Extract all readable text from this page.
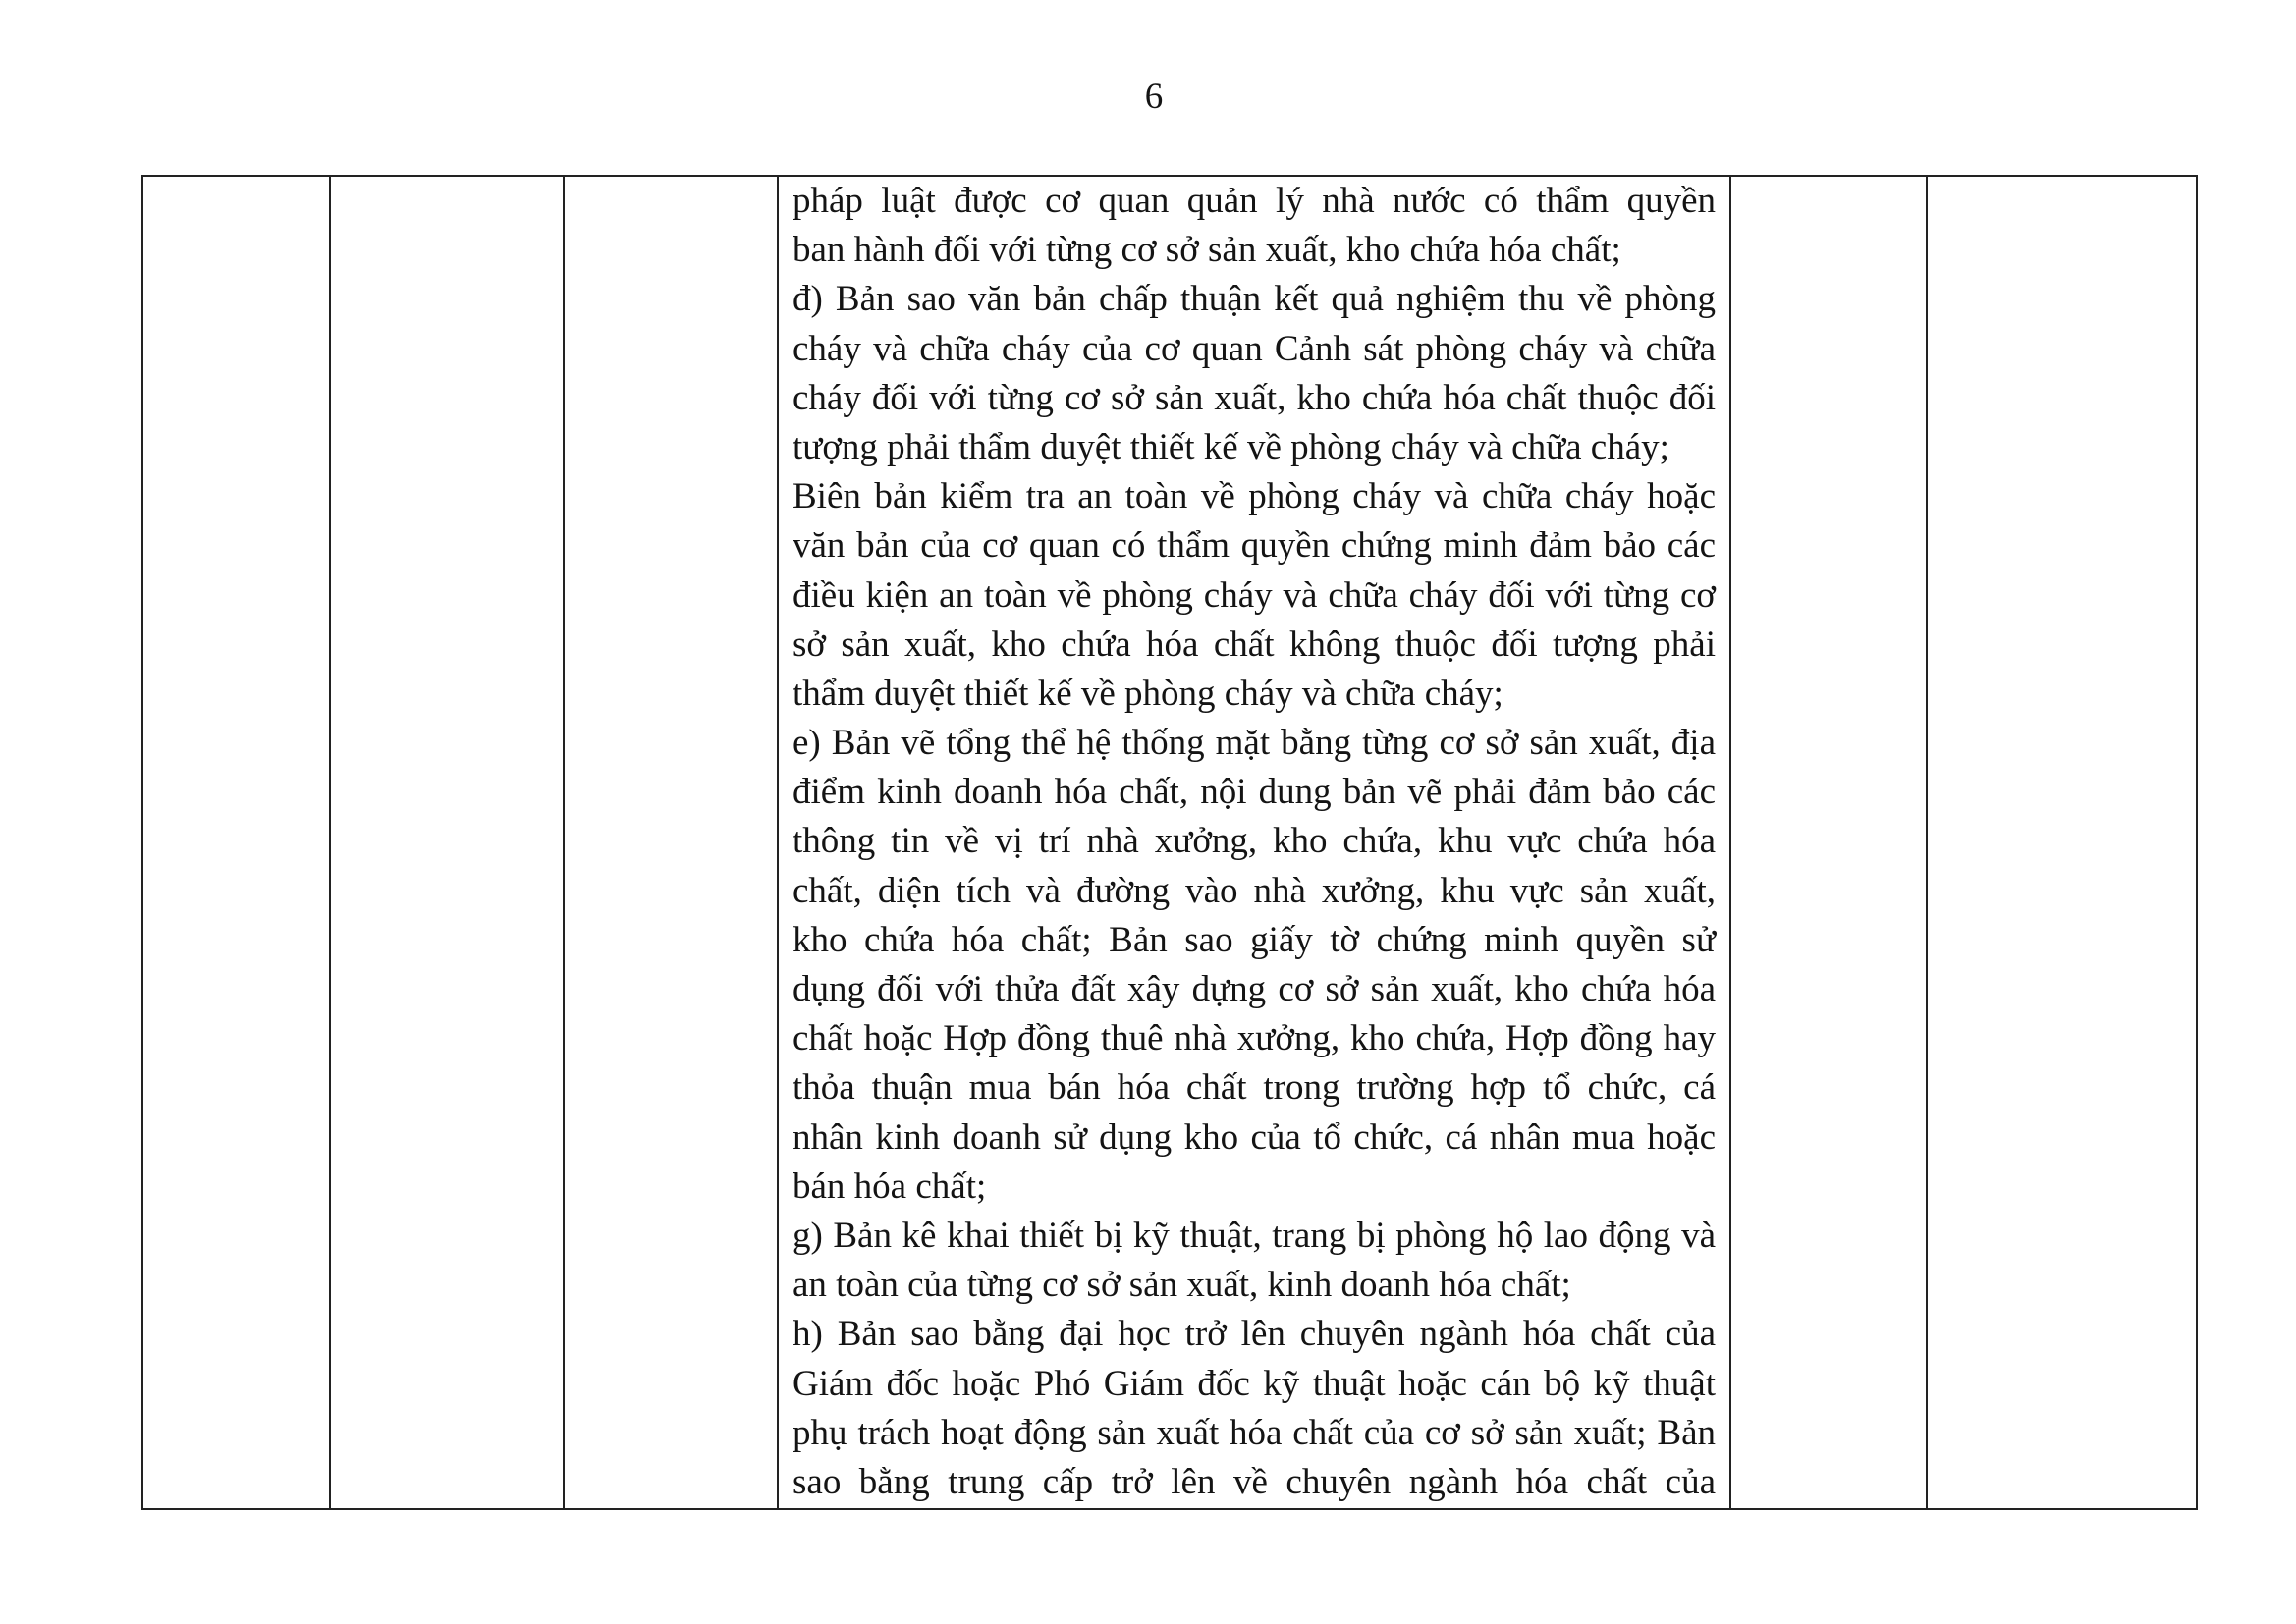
6
pháp luật được cơ quan quản lý nhà nước có thẩm quyền
ban hành đối với từng cơ sở sản xuất, kho chứa hóa chất;
đ) Bản sao văn bản chấp thuận kết quả nghiệm thu về phòng
cháy và chữa cháy của cơ quan Cảnh sát phòng cháy và chữa
cháy đối với từng cơ sở sản xuất, kho chứa hóa chất thuộc đối
tượng phải thẩm duyệt thiết kế về phòng cháy và chữa cháy;
Biên bản kiểm tra an toàn về phòng cháy và chữa cháy hoặc
văn bản của cơ quan có thẩm quyền chứng minh đảm bảo các
điều kiện an toàn về phòng cháy và chữa cháy đối với từng cơ
sở sản xuất, kho chứa hóa chất không thuộc đối tượng phải
thẩm duyệt thiết kế về phòng cháy và chữa cháy;
e) Bản vẽ tổng thể hệ thống mặt bằng từng cơ sở sản xuất, địa
điểm kinh doanh hóa chất, nội dung bản vẽ phải đảm bảo các
thông tin về vị trí nhà xưởng, kho chứa, khu vực chứa hóa
chất, diện tích và đường vào nhà xưởng, khu vực sản xuất,
kho chứa hóa chất; Bản sao giấy tờ chứng minh quyền sử
dụng đối với thửa đất xây dựng cơ sở sản xuất, kho chứa hóa
chất hoặc Hợp đồng thuê nhà xưởng, kho chứa, Hợp đồng hay
thỏa thuận mua bán hóa chất trong trường hợp tổ chức, cá
nhân kinh doanh sử dụng kho của tổ chức, cá nhân mua hoặc
bán hóa chất;
g) Bản kê khai thiết bị kỹ thuật, trang bị phòng hộ lao động và
an toàn của từng cơ sở sản xuất, kinh doanh hóa chất;
h) Bản sao bằng đại học trở lên chuyên ngành hóa chất của
Giám đốc hoặc Phó Giám đốc kỹ thuật hoặc cán bộ kỹ thuật
phụ trách hoạt động sản xuất hóa chất của cơ sở sản xuất; Bản
sao bằng trung cấp trở lên về chuyên ngành hóa chất của
